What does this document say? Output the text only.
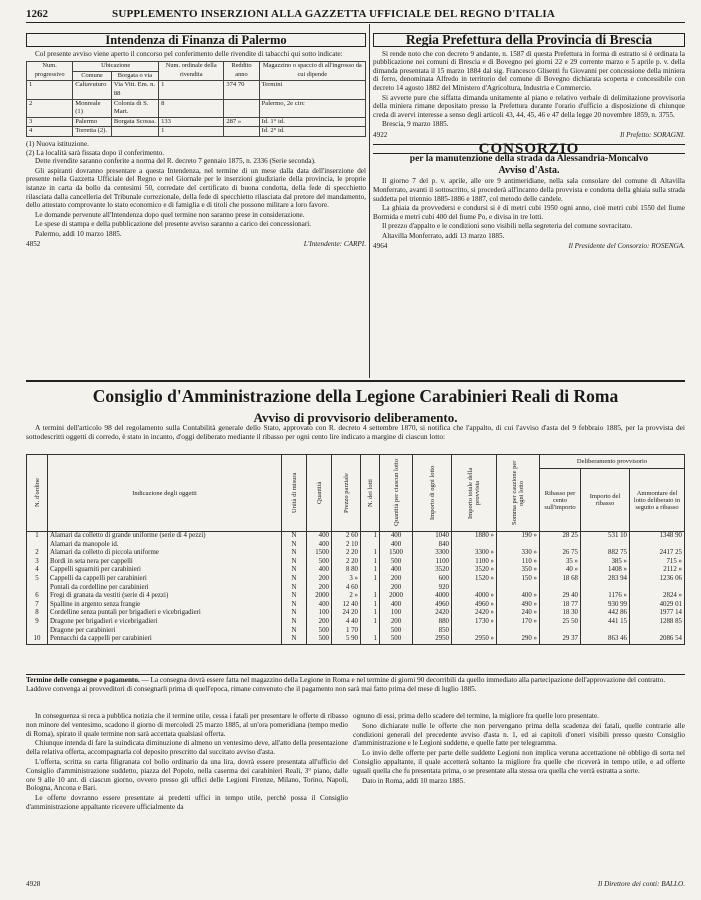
1262	SUPPLEMENTO INSERZIONI ALLA GAZZETTA UFFICIALE DEL REGNO D'ITALIA
Intendenza di Finanza di Palermo

Col presente avviso viene aperto il concorso pel conferimento delle rivendite di tabacchi qui sotto indicate:

Num. progressivo	Ubicazione		Num. ordinale della rivendita	Reddito anno	Magazzino o spaccio di all'ingrosso da cui dipende
	Comune	Borgata o via			
1	Caltavuturo	Via Vitt. Em. n. 88	1	374 70	Termini
2	Monreale (1)	Colonia di S. Mart.	8		Palermo, 2e circ
3	Palermo	Borgata Scossa.	133	287 »	Id. 1° id.
4	Torretta (2).		1		Id. 2° id.
(1) Nuova istituzione.
(2) La località sarà fissata dopo il conferimento.

Dette rivendite saranno conferite a norma del R. decreto 7 gennaio 1875, n. 2336 (Serie seconda).

Gli aspiranti dovranno presentare a questa Intendenza, nel termine di un mese dalla data dell'inserzione del presente nella Gazzetta Ufficiale del Regno e nel Giornale per le inserzioni giudiziarie della provincia, le proprie istanze in carta da bollo da centesimi 50, corredate del certificato di buona condotta, della fede di specchietto rilasciata dalla cancelleria del Tribunale correzionale, della fede di specchietto rilasciata dal pretore del mandamento, dello attestato comprovante lo stato economico e di famiglia e di titoli che possono militare a loro favore.

Le domande pervenute all'Intendenza dopo quel termine non saranno prese in considerazione.

Le spese di stampa e della pubblicazione del presente avviso saranno a carico dei concessionari.

Palermo, addì 10 marzo 1885.

4852	L'Intendente: CARPI.
Regia Prefettura della Provincia di Brescia

Si rende noto che con decreto 9 andante, n. 1587 di questa Prefettura in forma di estratto si è ordinata la pubblicazione nei comuni di Brescia e di Bovegno pei giorni 22 e 29 corrente marzo e 5 aprile p. v. della dimanda presentata il 15 marzo 1884 dal sig. Francesco Glisenti fu Giovanni per concessione della miniera di ferro, denominata Alfredo in territorio del comune di Bovegno dichiarata scoperta e concessibile con decreto 14 agosto 1882 del Ministero d'Agricoltura, Industria e Commercio.

Si avverte pure che siffatta dimanda unitamente al piano e relativo verbale di delimitazione provvisoria della miniera rimane depositato presso la Prefettura durante l'orario d'ufficio a disposizione di chiunque creda di avervi interesse a senso degli articoli 43, 44, 45, 46 e 47 della legge 20 novembre 1859, n. 3755.

Brescia, 9 marzo 1885.

4922	Il Prefetto: SORAGNI.
CONSORZIO
per la manutenzione della strada da Alessandria-Moncalvo
Avviso d'Asta.

Il giorno 7 del p. v. aprile, alle ore 9 antimeridiane, nella sala consolare del comune di Altavilla Monferrato, avanti il sottoscritto, si procederà all'incanto della provvista e condotta della ghiaia sulla strada suddetta pel triennio 1885-1886 e 1887, col metodo delle candele.

La ghiaia da provvedersi e condursi si è di metri cubi 1950 ogni anno, cioè metri cubi 1550 del fiume Bormida e metri cubi 400 del fiume Po, e divisa in tre lotti.

Il prezzo d'appalto e le condizioni sono visibili nella segreteria del comune sovracitato.

Altavilla Monferrato, addì 13 marzo 1885.

4964	Il Presidente del Consorzio: ROSENGA.
Consiglio d'Amministrazione della Legione Carabinieri Reali di Roma
Avviso di provvisorio deliberamento.
A termini dell'articolo 98 del regolamento sulla Contabilità generale dello Stato, approvato con R. decreto 4 settembre 1870, si notifica che l'appalto, di cui l'avviso d'asta del 9 febbraio 1885, per la provvista dei sottodescritti oggetti di corredo, è stato in incanto, d'oggi deliberato mediante il ribasso per ogni cento lire indicato a margine di ciascun lotto:
N. d'ordine	Indicazione degli oggetti	Unità di misura	Quantità	Prezzo parziale	N. dei lotti	Quantità per ciascun lotto	Importo di ogni lotto	Importo totale della provvista	Somma per cauzione per ogni lotto	Deliberamento provvisorio		
										Ribasso per cento sull'importo	Importo del ribasso	Ammontare del lotto deliberato in seguito a ribasso
1	Alamari da colletto di grande uniforme (serie di 4 pezzi)	N	400	2 60	1	400	1040	1880 »	190 »	28 25	531 10	1348 90
	Alamari da manopole id.	N	400	2 10		400	840					
2	Alamari da colletto di piccola uniforme	N	1500	2 20	1	1500	3300	3300 »	330 »	26 75	882 75	2417 25
3	Bordi in seta nera per cappelli	N	500	2 20	1	500	1100	1100 »	110 »	35 »	385 »	715 »
4	Cappelli sguarniti per carabinieri	N	400	8 80	1	400	3520	3520 »	350 »	40 »	1408 »	2112 »
5	Cappelli da cappelli per carabinieri	N	200	3 »	1	200	600	1520 »	150 »	18 68	283 94	1236 06
	Pontali da cordelline per carabinieri	N	200	4 60		200	920					
6	Fregi di granata da vestiti (serie di 4 pezzi)	N	2000	2 »	1	2000	4000	4000 »	400 »	29 40	1176 »	2824 »
7	Spalline in argento senza frangie	N	400	12 40	1	400	4960	4960 »	490 »	18 77	930 99	4029 01
8	Cordelline senza puntali per brigadieri e vicebrigadieri	N	100	24 20	1	100	2420	2420 »	240 »	18 30	442 86	1977 14
9	Dragone per brigadieri e vicebrigadieri	N	200	4 40	1	200	880	1730 »	170 »	25 50	441 15	1288 85
	Dragone per carabinieri	N	500	1 70		500	850					
10	Pennacchi da cappelli per carabinieri	N	500	5 90	1	500	2950	2950 »	290 »	29 37	863 46	2086 54
Termine delle consegne e pagamento. — La consegna dovrà essere fatta nel magazzino della Legione in Roma e nel termine di giorni 90 decorribili da quello immediato alla partecipazione dell'approvazione del contratto. Laddove convenga ai provveditori di consegnarli prima di quell'epoca, rimane convenuto che il pagamento non sarà mai fatto prima del mese di luglio 1885.

In conseguenza si reca a pubblica notizia che il termine utile, cessa i fatali per presentare le offerte di ribasso non minore del ventesimo, scadono il giorno di mercoledì 25 marzo 1885, al un'ora pomeridiana (tempo medio di Roma), spirato il quale termine non sarà accettata qualsiasi offerta.

Chiunque intenda di fare la suindicata diminuzione di almeno un ventesimo deve, all'atto della presentazione della relativa offerta, accompagnarla col deposito prescritto dal succitato avviso d'asta.

L'offerta, scritta su carta filigranata col bollo ordinario da una lira, dovrà essere presentata all'ufficio del Consiglio d'amministrazione suddetto, piazza del Popolo, nella caserma dei carabinieri Reali, 3° piano, dalle ore 9 alle 10 ant. di ciascun giorno, ovvero presso gli uffici delle Legioni Firenze, Milano, Torino, Napoli, Bologna, Ancona e Bari.

Le offerte dovranno essere presentate ai predetti uffici in tempo utile, perchè possa il Consiglio d'amministrazione appaltante ricevere ufficialmente da

ognuno di essi, prima dello scadere del termine, la migliore fra quelle loro presentate.

Sono dichiarate nulle le offerte che non pervengano prima della scadenza dei fatali, quelle contrarie alle condizioni generali del precedente avviso d'asta n. 1, ed ai capitoli d'oneri visibili presso questo Consiglio d'amministrazione e le Legioni suddette, e quelle fatte per telegramma.

Lo invio delle offerte per parte delle suddette Legioni non implica veruna accettazione nè obbligo di sorta nel Consiglio appaltante, il quale accetterà soltanto la migliore fra quelle che riceverà in tempo utile, e ad offerte uguali quella che fu presentata prima, o se presentate alla stessa ora quella che verrà estratta a sorte.

Dato in Roma, addì 10 marzo 1885.

4928	Il Direttore dei conti: BALLO.
